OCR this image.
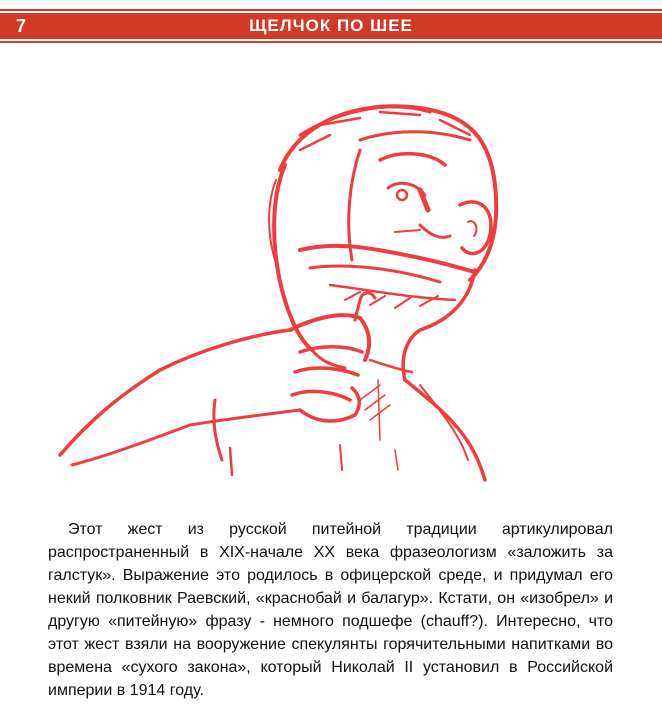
7	ЩЕЛЧОК ПО ШЕЕ

Этот жест из русской питейной традиции артикулировал распространенный в XIX-начале XX века фразеологизм «заложить за галстук». Выражение это родилось в офицерской среде, и придумал его некий полковник Раевский, «краснобай и балагур». Кстати, он «изобрел» и другую «питейную» фразу - немного подшефе (chauff?). Интересно, что этот жест взяли на вооружение спекулянты горячительными напитками во времена «сухого закона», который Николай II установил в Российской империи в 1914 году.
